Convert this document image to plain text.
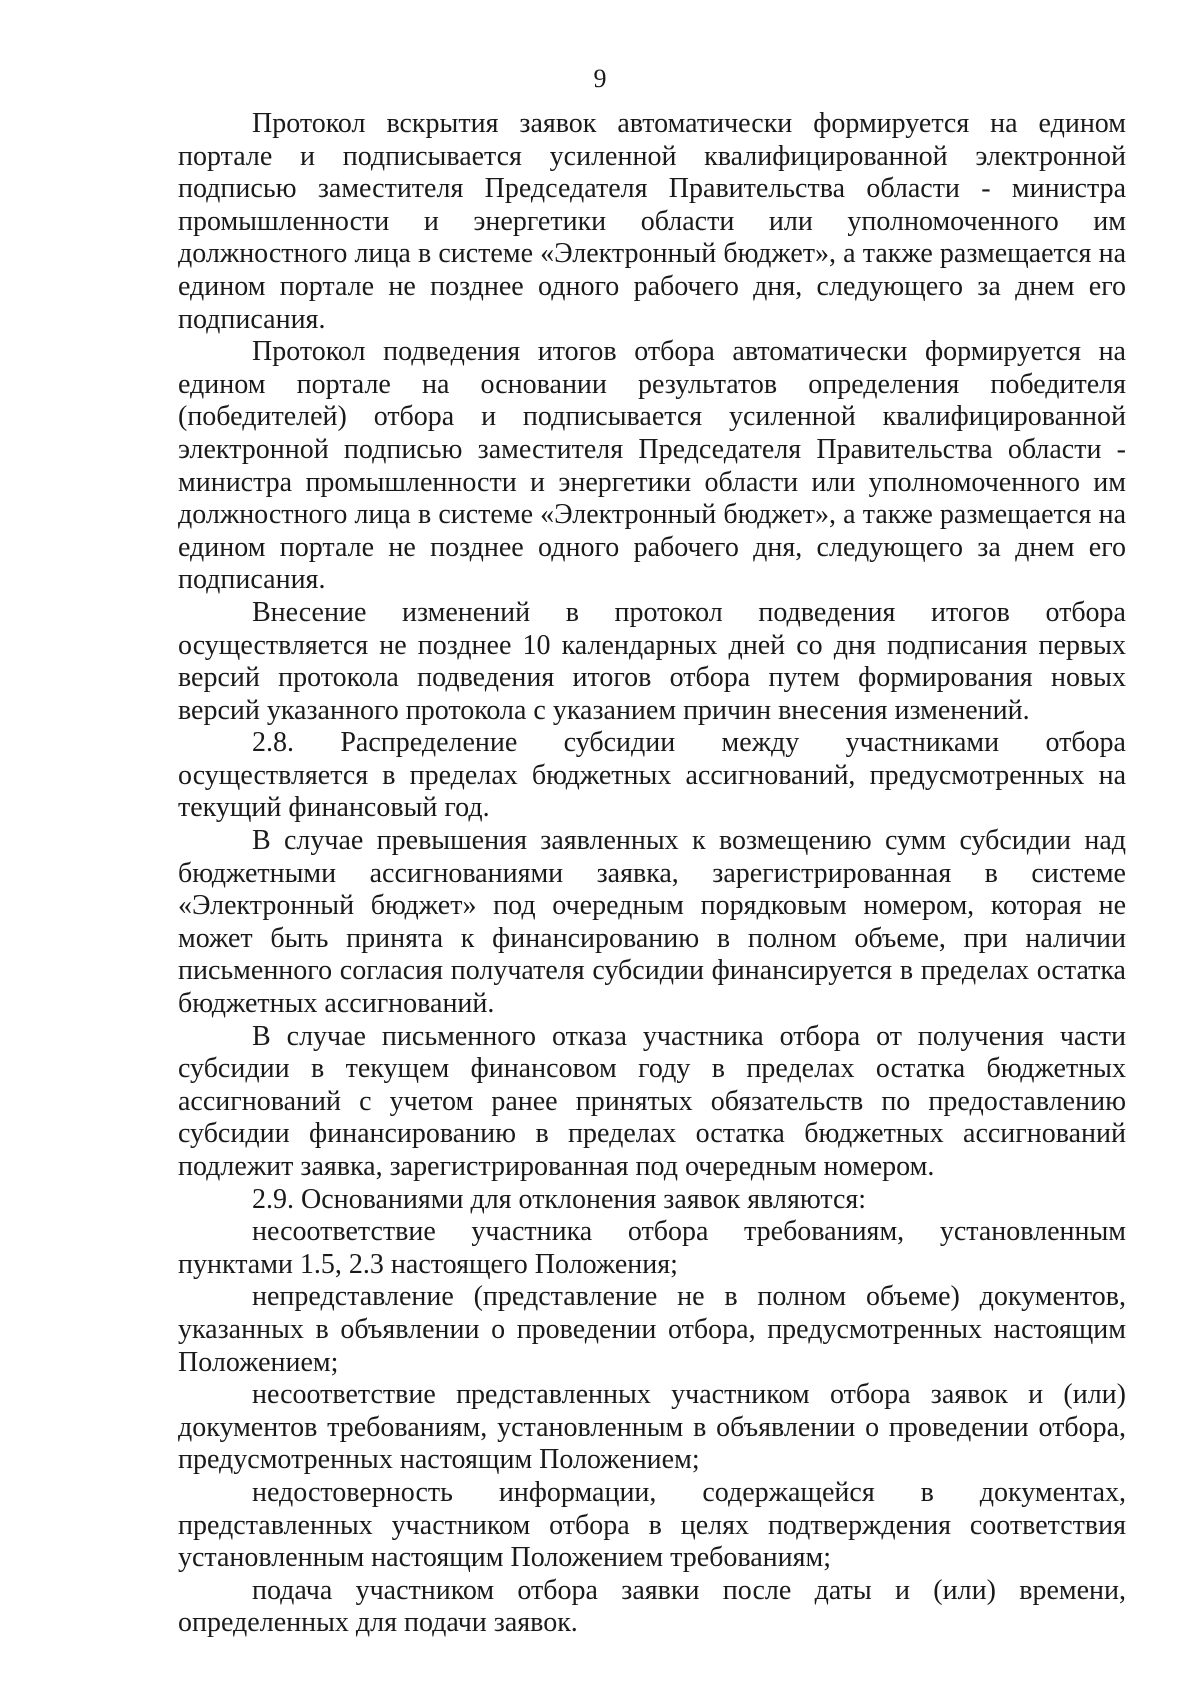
9

Протокол вскрытия заявок автоматически формируется на едином портале и подписывается усиленной квалифицированной электронной подписью заместителя Председателя Правительства области - министра промышленности и энергетики области или уполномоченного им должностного лица в системе «Электронный бюджет», а также размещается на едином портале не позднее одного рабочего дня, следующего за днем его подписания.

Протокол подведения итогов отбора автоматически формируется на едином портале на основании результатов определения победителя (победителей) отбора и подписывается усиленной квалифицированной электронной подписью заместителя Председателя Правительства области - министра промышленности и энергетики области или уполномоченного им должностного лица в системе «Электронный бюджет», а также размещается на едином портале не позднее одного рабочего дня, следующего за днем его подписания.

Внесение изменений в протокол подведения итогов отбора осуществляется не позднее 10 календарных дней со дня подписания первых версий протокола подведения итогов отбора путем формирования новых версий указанного протокола с указанием причин внесения изменений.

2.8. Распределение субсидии между участниками отбора осуществляется в пределах бюджетных ассигнований, предусмотренных на текущий финансовый год.

В случае превышения заявленных к возмещению сумм субсидии над бюджетными ассигнованиями заявка, зарегистрированная в системе «Электронный бюджет» под очередным порядковым номером, которая не может быть принята к финансированию в полном объеме, при наличии письменного согласия получателя субсидии финансируется в пределах остатка бюджетных ассигнований.

В случае письменного отказа участника отбора от получения части субсидии в текущем финансовом году в пределах остатка бюджетных ассигнований с учетом ранее принятых обязательств по предоставлению субсидии финансированию в пределах остатка бюджетных ассигнований подлежит заявка, зарегистрированная под очередным номером.

2.9. Основаниями для отклонения заявок являются:

несоответствие участника отбора требованиям, установленным пунктами 1.5, 2.3 настоящего Положения;

непредставление (представление не в полном объеме) документов, указанных в объявлении о проведении отбора, предусмотренных настоящим Положением;

несоответствие представленных участником отбора заявок и (или) документов требованиям, установленным в объявлении о проведении отбора, предусмотренных настоящим Положением;

недостоверность информации, содержащейся в документах, представленных участником отбора в целях подтверждения соответствия установленным настоящим Положением требованиям;

подача участником отбора заявки после даты и (или) времени, определенных для подачи заявок.
